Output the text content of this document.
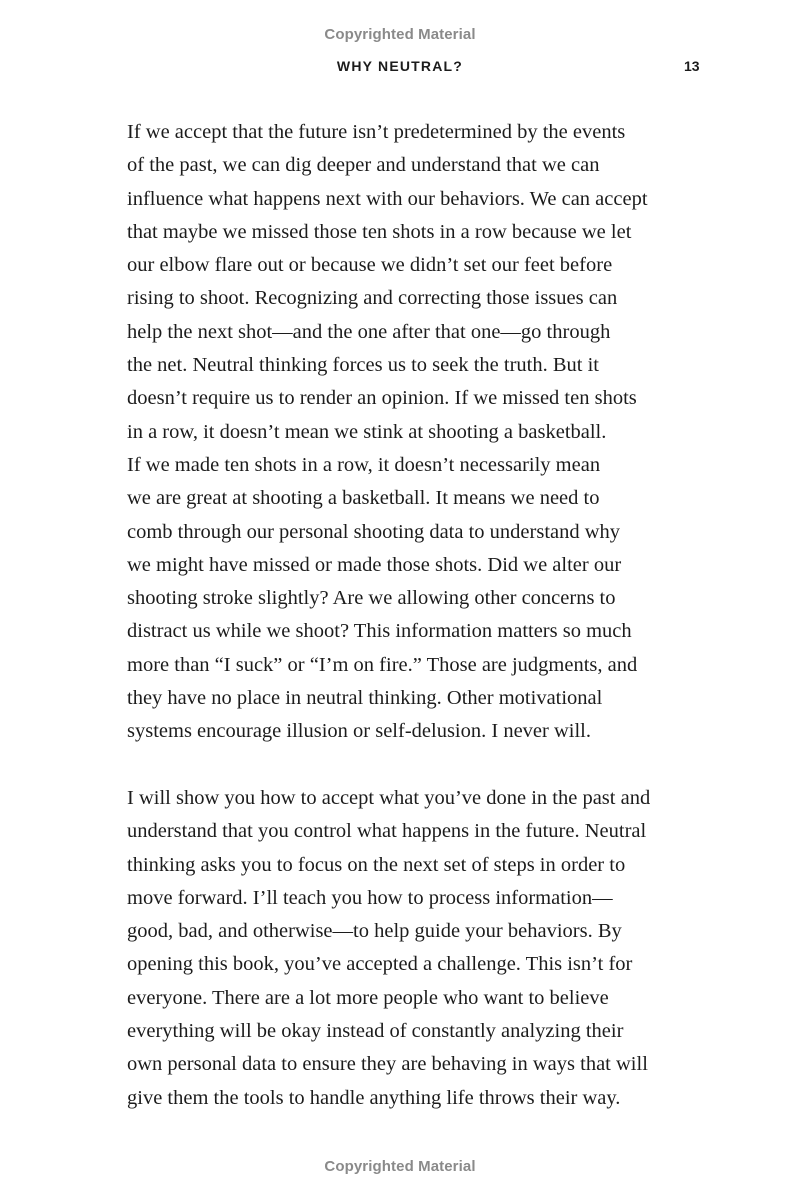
Copyrighted Material
WHY NEUTRAL?	13
If we accept that the future isn’t predetermined by the events
of the past, we can dig deeper and understand that we can
influence what happens next with our behaviors. We can accept
that maybe we missed those ten shots in a row because we let
our elbow flare out or because we didn’t set our feet before
rising to shoot. Recognizing and correcting those issues can
help the next shot—and the one after that one—go through
the net. Neutral thinking forces us to seek the truth. But it
doesn’t require us to render an opinion. If we missed ten shots
in a row, it doesn’t mean we stink at shooting a basketball.
If we made ten shots in a row, it doesn’t necessarily mean
we are great at shooting a basketball. It means we need to
comb through our personal shooting data to understand why
we might have missed or made those shots. Did we alter our
shooting stroke slightly? Are we allowing other concerns to
distract us while we shoot? This information matters so much
more than “I suck” or “I’m on fire.” Those are judgments, and
they have no place in neutral thinking. Other motivational
systems encourage illusion or self-delusion. I never will.
I will show you how to accept what you’ve done in the past and
understand that you control what happens in the future. Neutral
thinking asks you to focus on the next set of steps in order to
move forward. I’ll teach you how to process information—
good, bad, and otherwise—to help guide your behaviors. By
opening this book, you’ve accepted a challenge. This isn’t for
everyone. There are a lot more people who want to believe
everything will be okay instead of constantly analyzing their
own personal data to ensure they are behaving in ways that will
give them the tools to handle anything life throws their way.
Copyrighted Material
